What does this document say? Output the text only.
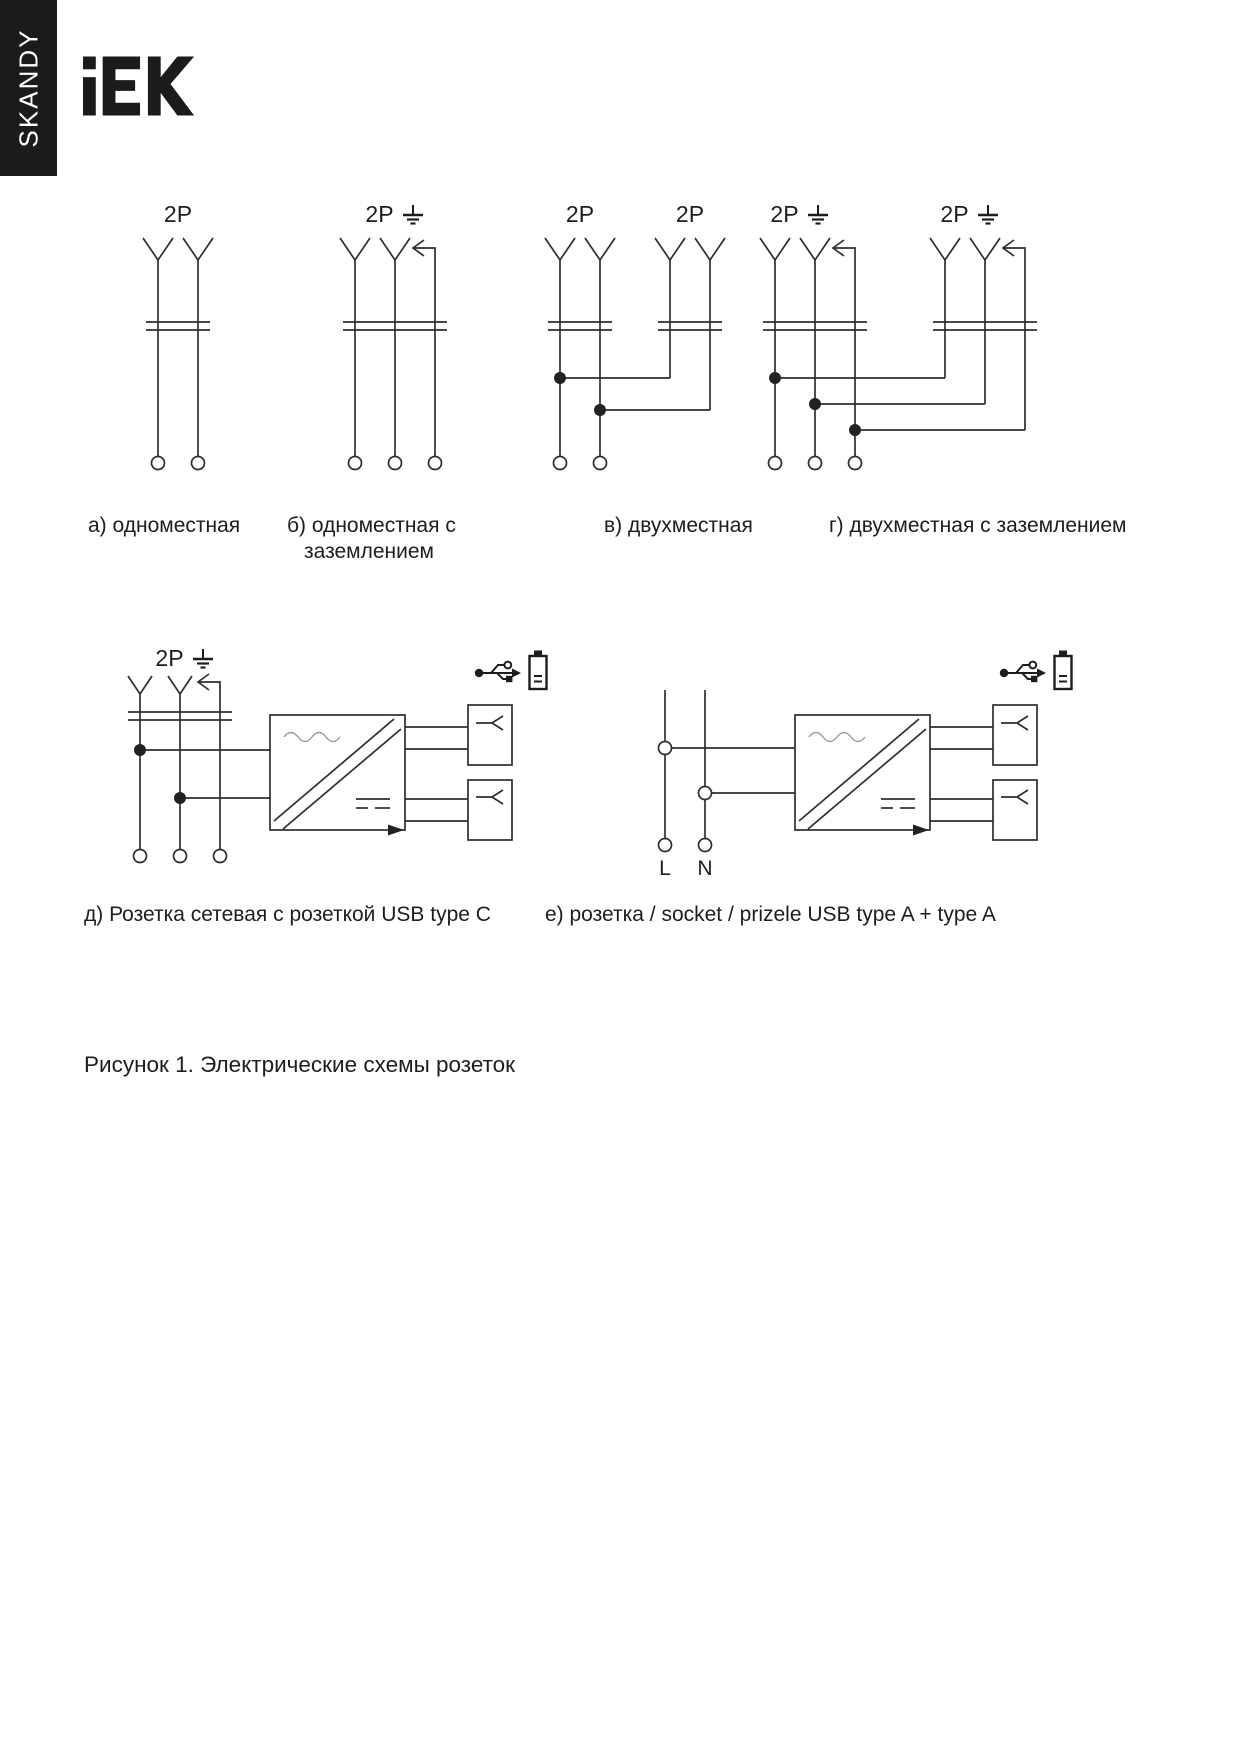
SKANDY
2P	2P	2P	2P	2P	2P
2P
L	N
а) одноместная б) одноместная с
заземлением
в) двухместная	г) двухместная с заземлением
д) Розетка сетевая с розеткой USB type C	е) розетка / socket / prizele USB type A + type A
Рисунок 1. Электрические схемы розеток
